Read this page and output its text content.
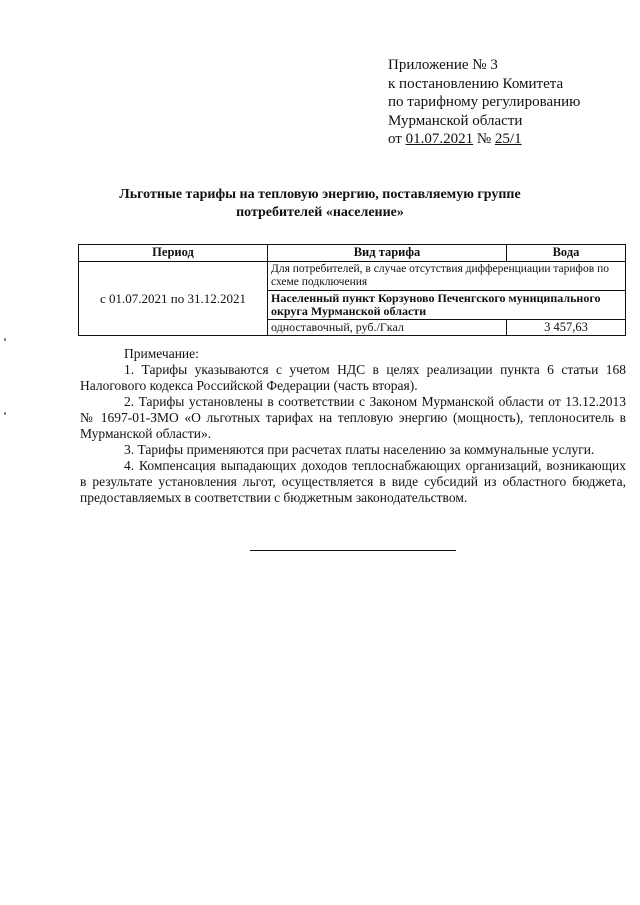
Приложение № 3
к постановлению Комитета
по тарифному регулированию
Мурманской области
от 01.07.2021 № 25/1
Льготные тарифы на тепловую энергию, поставляемую группе
потребителей «население»
Период	Вид тарифа	Вода
с 01.07.2021 по 31.12.2021	Для потребителей, в случае отсутствия дифференциации тарифов по схеме подключения	
	Населенный пункт Корзуново Печенгского муниципального округа Мурманской области	
	одноставочный, руб./Гкал	3 457,63

Примечание:

1. Тарифы указываются с учетом НДС в целях реализации пункта 6 статьи 168 Налогового кодекса Российской Федерации (часть вторая).

2. Тарифы установлены в соответствии с Законом Мурманской области от 13.12.2013 № 1697-01-ЗМО «О льготных тарифах на тепловую энергию (мощность), теплоноситель в Мурманской области».

3. Тарифы применяются при расчетах платы населению за коммунальные услуги.

4. Компенсация выпадающих доходов теплоснабжающих организаций, возникающих в результате установления льгот, осуществляется в виде субсидий из областного бюджета, предоставляемых в соответствии с бюджетным законодательством.
